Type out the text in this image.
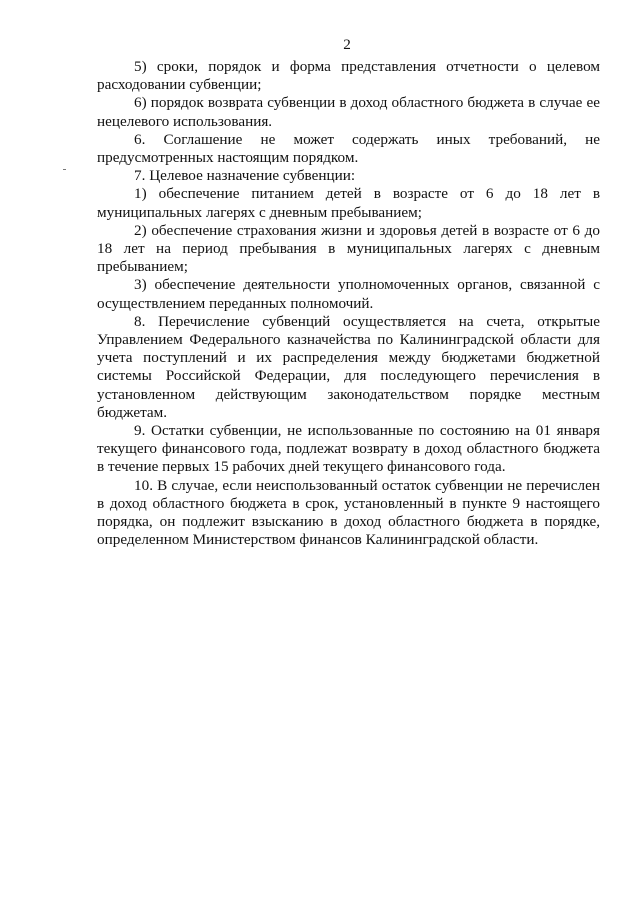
2

5) сроки, порядок и форма представления отчетности о целевом расходовании субвенции;

6) порядок возврата субвенции в доход областного бюджета в случае ее нецелевого использования.

6. Соглашение не может содержать иных требований, не предусмотренных настоящим порядком.

7. Целевое назначение субвенции:

1) обеспечение питанием детей в возрасте от 6 до 18 лет в муниципальных лагерях с дневным пребыванием;

2) обеспечение страхования жизни и здоровья детей в возрасте от 6 до 18 лет на период пребывания в муниципальных лагерях с дневным пребыванием;

3) обеспечение деятельности уполномоченных органов, связанной с осуществлением переданных полномочий.

8. Перечисление субвенций осуществляется на счета, открытые Управлением Федерального казначейства по Калининградской области для учета поступлений и их распределения между бюджетами бюджетной системы Российской Федерации, для последующего перечисления в установленном действующим законодательством порядке местным бюджетам.

9. Остатки субвенции, не использованные по состоянию на 01 января текущего финансового года, подлежат возврату в доход областного бюджета в течение первых 15 рабочих дней текущего финансового года.

10. В случае, если неиспользованный остаток субвенции не перечислен в доход областного бюджета в срок, установленный в пункте 9 настоящего порядка, он подлежит взысканию в доход областного бюджета в порядке, определенном Министерством финансов Калининградской области.
